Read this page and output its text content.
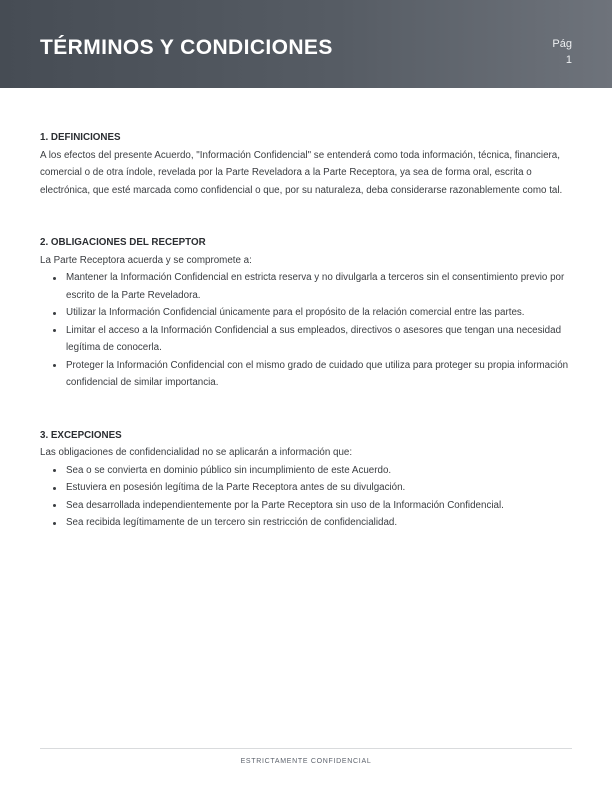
TÉRMINOS Y CONDICIONES	Pág
1
1. DEFINICIONES

A los efectos del presente Acuerdo, "Información Confidencial" se entenderá como toda información, técnica, financiera, comercial o de otra índole, revelada por la Parte Reveladora a la Parte Receptora, ya sea de forma oral, escrita o electrónica, que esté marcada como confidencial o que, por su naturaleza, deba considerarse razonablemente como tal.

2. OBLIGACIONES DEL RECEPTOR

La Parte Receptora acuerda y se compromete a:

Mantener la Información Confidencial en estricta reserva y no divulgarla a terceros sin el consentimiento previo por escrito de la Parte Reveladora.
Utilizar la Información Confidencial únicamente para el propósito de la relación comercial entre las partes.
Limitar el acceso a la Información Confidencial a sus empleados, directivos o asesores que tengan una necesidad legítima de conocerla.
Proteger la Información Confidencial con el mismo grado de cuidado que utiliza para proteger su propia información confidencial de similar importancia.
3. EXCEPCIONES

Las obligaciones de confidencialidad no se aplicarán a información que:

Sea o se convierta en dominio público sin incumplimiento de este Acuerdo.
Estuviera en posesión legítima de la Parte Receptora antes de su divulgación.
Sea desarrollada independientemente por la Parte Receptora sin uso de la Información Confidencial.
Sea recibida legítimamente de un tercero sin restricción de confidencialidad.
ESTRICTAMENTE CONFIDENCIAL
